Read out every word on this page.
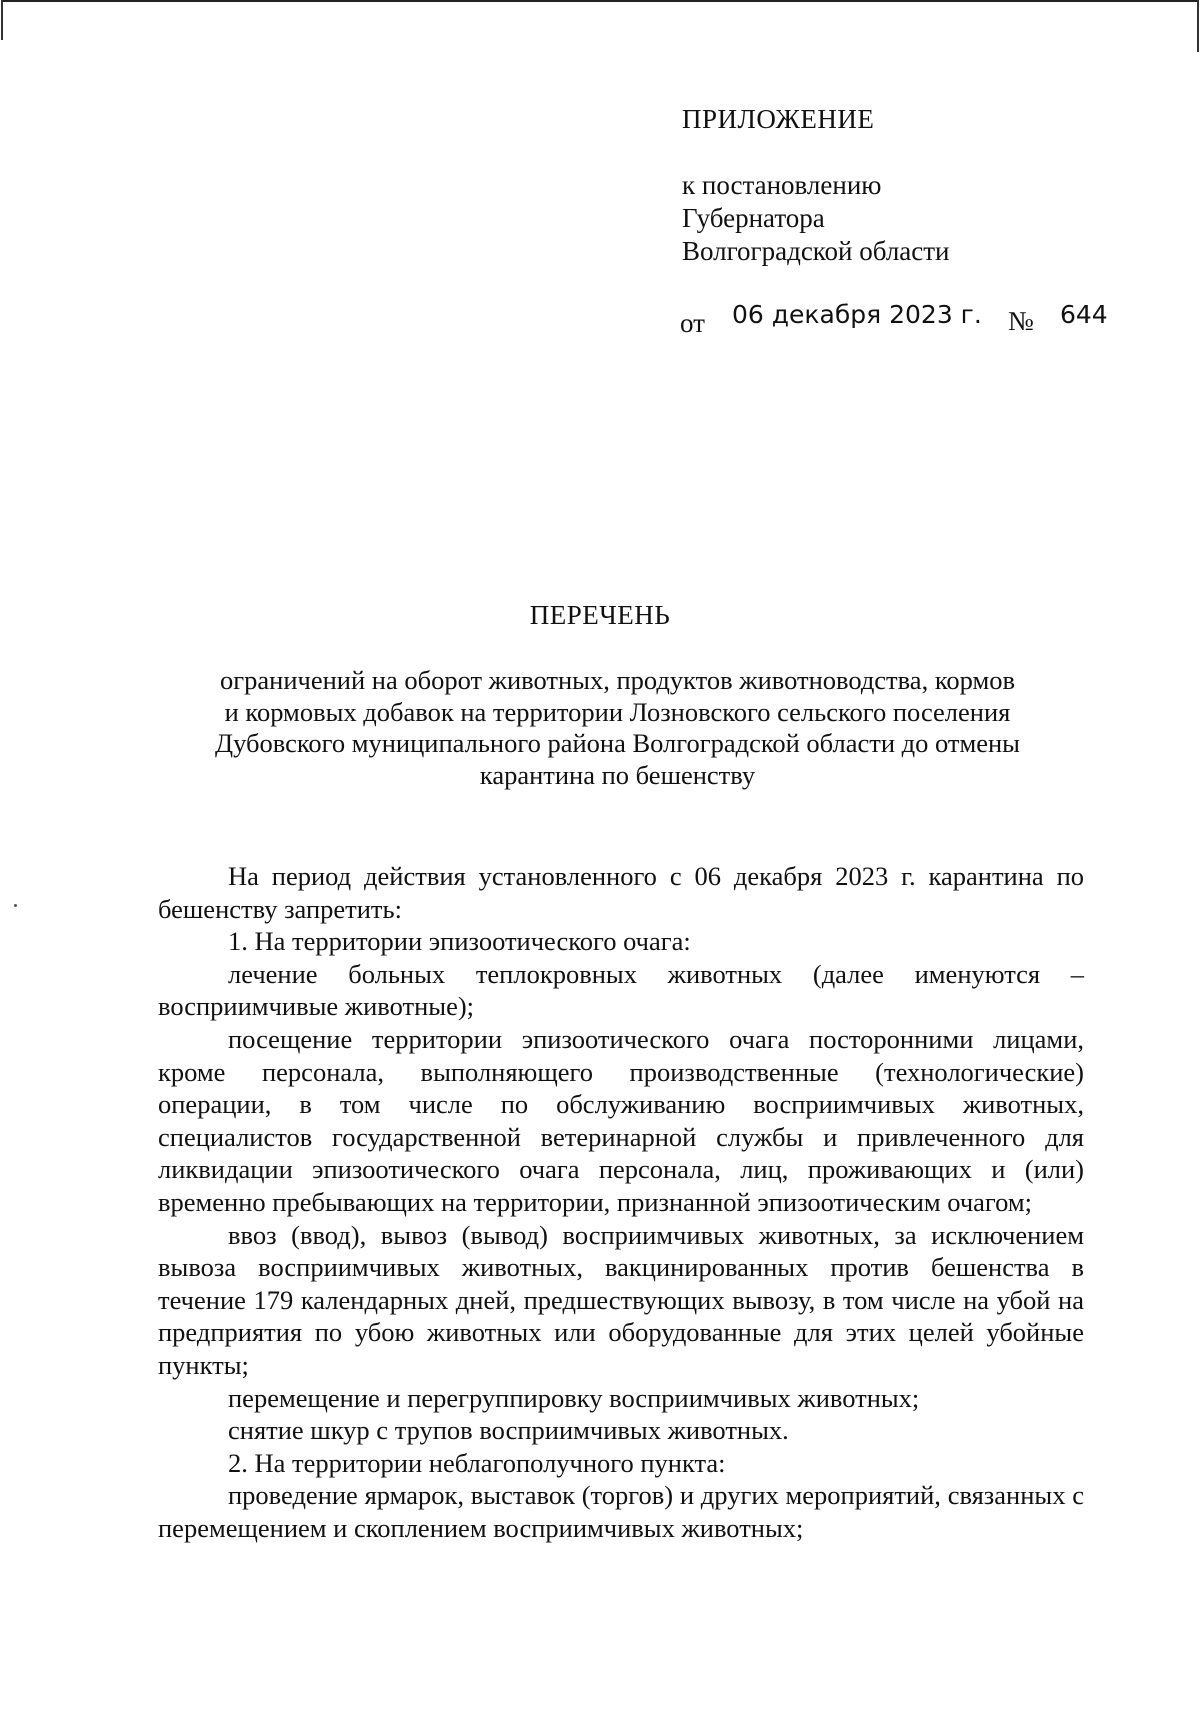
ПРИЛОЖЕНИЕ
к постановлению
Губернатора
Волгоградской области
от 06 декабря 2023 г. № 644
ПЕРЕЧЕНЬ
ограничений на оборот животных, продуктов животноводства, кормов
и кормовых добавок на территории Лозновского сельского поселения
Дубовского муниципального района Волгоградской области до отмены
карантина по бешенству

На период действия установленного с 06 декабря 2023 г. карантина по бешенству запретить:

1. На территории эпизоотического очага:

лечение больных теплокровных животных (далее именуются – восприимчивые животные);

посещение территории эпизоотического очага посторонними лицами, кроме персонала, выполняющего производственные (технологические) операции, в том числе по обслуживанию восприимчивых животных, специалистов государственной ветеринарной службы и привлеченного для ликвидации эпизоотического очага персонала, лиц, проживающих и (или) временно пребывающих на территории, признанной эпизоотическим очагом;

ввоз (ввод), вывоз (вывод) восприимчивых животных, за исключением вывоза восприимчивых животных, вакцинированных против бешенства в течение 179 календарных дней, предшествующих вывозу, в том числе на убой на предприятия по убою животных или оборудованные для этих целей убойные пункты;

перемещение и перегруппировку восприимчивых животных;

снятие шкур с трупов восприимчивых животных.

2. На территории неблагополучного пункта:

проведение ярмарок, выставок (торгов) и других мероприятий, связанных с перемещением и скоплением восприимчивых животных;
